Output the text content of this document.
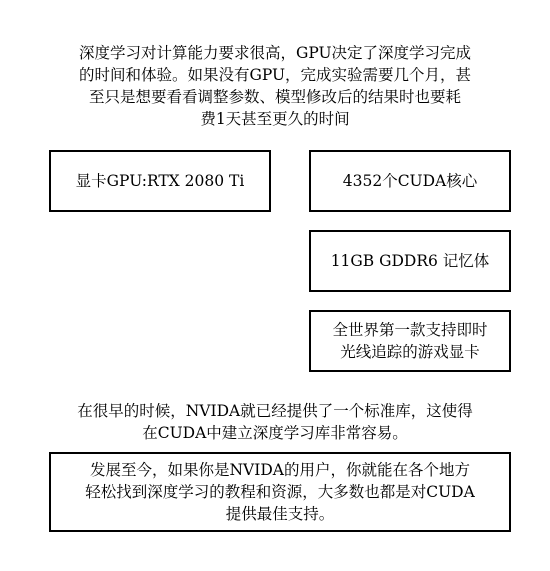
深度学习对计算能力要求很高，GPU决定了深度学习完成
的时间和体验。如果没有GPU，完成实验需要几个月，甚
至只是想要看看调整参数、模型修改后的结果时也要耗
费1天甚至更久的时间
显卡GPU:RTX 2080 Ti	4352个CUDA核心
11GB GDDR6 记忆体
全世界第一款支持即时
光线追踪的游戏显卡
在很早的时候，NVIDA就已经提供了一个标准库，这使得
在CUDA中建立深度学习库非常容易。
发展至今，如果你是NVIDA的用户，你就能在各个地方
轻松找到深度学习的教程和资源，大多数也都是对CUDA
提供最佳支持。
